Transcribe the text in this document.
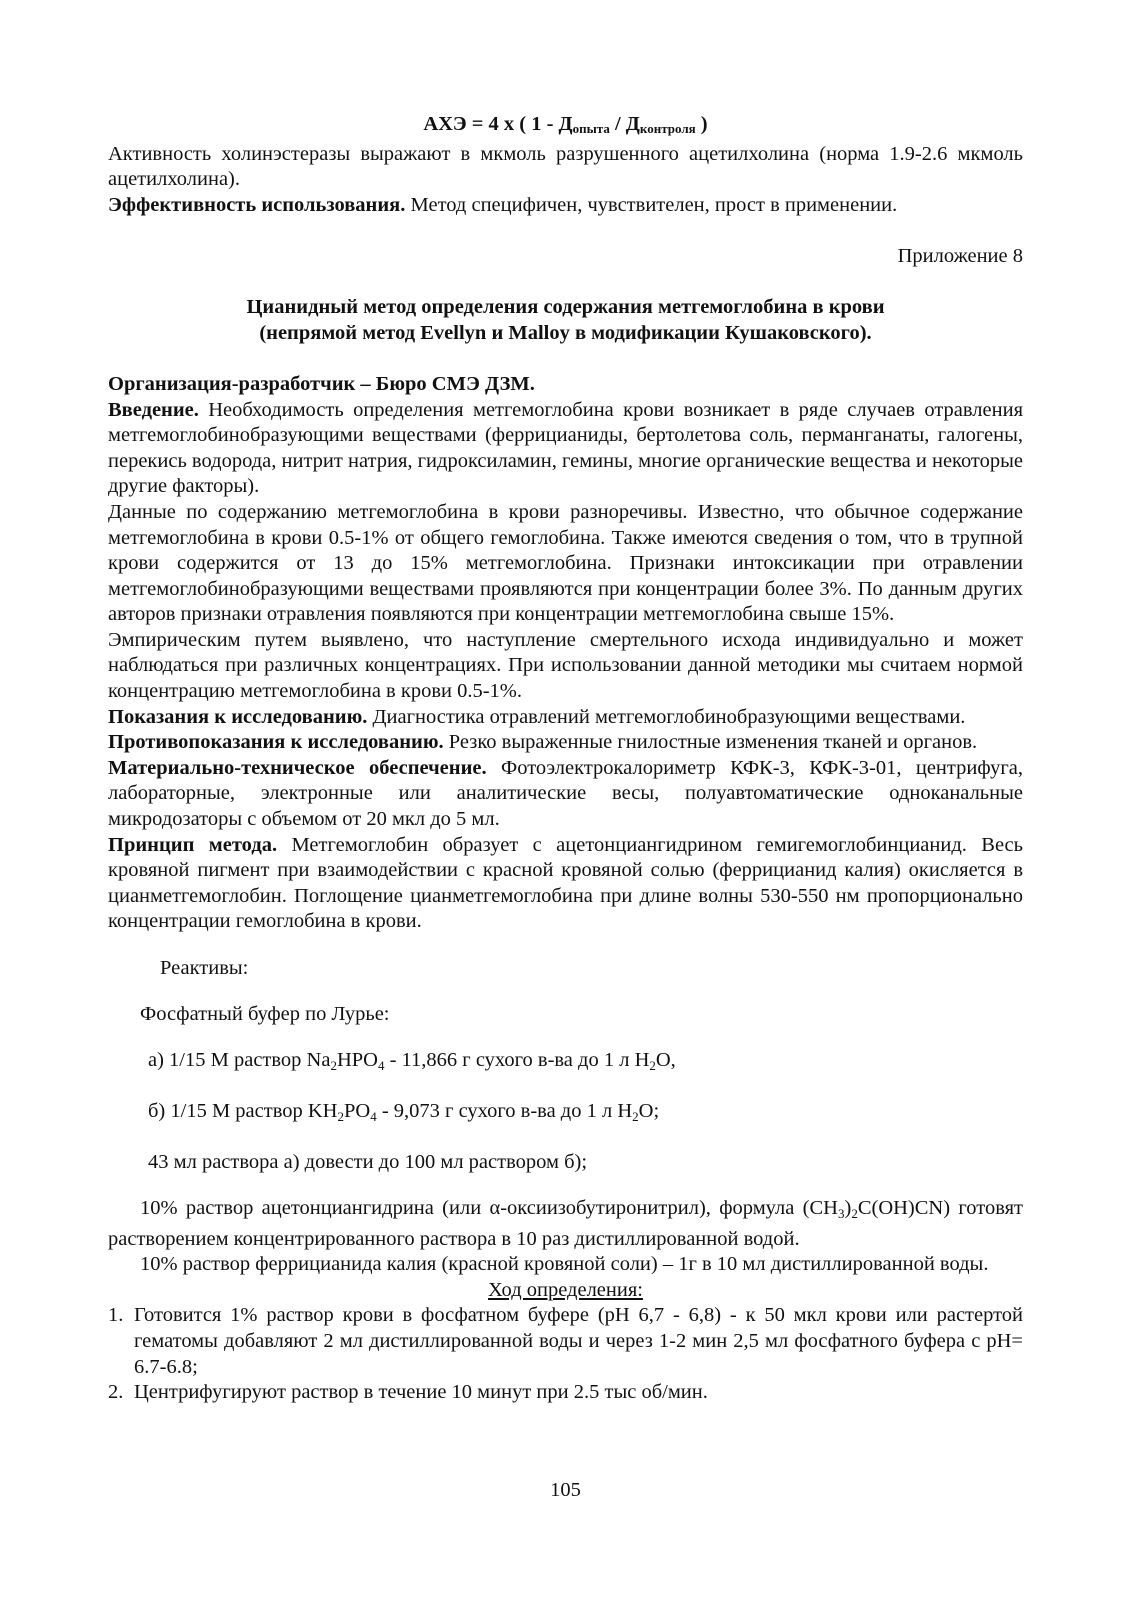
АХЭ = 4 х ( $1 - Д_{опыта} / Д_{контроля}$ )

Активность холинэстеразы выражают в мкмоль разрушенного ацетилхолина (норма 1.9-2.6 мкмоль ацетилхолина).

Эффективность использования. Метод специфичен, чувствителен, прост в применении.

Приложение 8

Цианидный метод определения содержания метгемоглобина в крови

(непрямой метод Evellyn и Malloy в модификации Кушаковского).

Организация-разработчик – Бюро СМЭ ДЗМ.

Введение. Необходимость определения метгемоглобина крови возникает в ряде случаев отравления метгемоглобинобразующими веществами (феррицианиды, бертолетова соль, перманганаты, галогены, перекись водорода, нитрит натрия, гидроксиламин, гемины, многие органические вещества и некоторые другие факторы).

Данные по содержанию метгемоглобина в крови разноречивы. Известно, что обычное содержание метгемоглобина в крови 0.5-1% от общего гемоглобина. Также имеются сведения о том, что в трупной крови содержится от 13 до 15% метгемоглобина. Признаки интоксикации при отравлении метгемоглобинобразующими веществами проявляются при концентрации более 3%. По данным других авторов признаки отравления появляются при концентрации метгемоглобина свыше 15%.

Эмпирическим путем выявлено, что наступление смертельного исхода индивидуально и может наблюдаться при различных концентрациях. При использовании данной методики мы считаем нормой концентрацию метгемоглобина в крови 0.5-1%.

Показания к исследованию. Диагностика отравлений метгемоглобинобразующими веществами.

Противопоказания к исследованию. Резко выраженные гнилостные изменения тканей и органов.

Материально-техническое обеспечение. Фотоэлектрокалориметр КФК-3, КФК-3-01, центрифуга, лабораторные, электронные или аналитические весы, полуавтоматические одноканальные микродозаторы с объемом от 20 мкл до 5 мл.

Принцип метода. Метгемоглобин образует с ацетонциангидрином гемигемоглобинцианид. Весь кровяной пигмент при взаимодействии с красной кровяной солью (феррицианид калия) окисляется в цианметгемоглобин. Поглощение цианметгемоглобина при длине волны 530-550 нм пропорционально концентрации гемоглобина в крови.

Реактивы:

Фосфатный буфер по Лурье:

а) 1/15 М раствор Na2HPO4 - 11,866 г сухого в-ва до 1 л H2O,

б) 1/15 М раствор KH2PO4 - 9,073 г сухого в-ва до 1 л H2O;

43 мл раствора а) довести до 100 мл раствором б);

10% раствор ацетонциангидрина (или α-оксиизобутиронитрил), формула (CH3)2C(OH)CN) готовят растворением концентрированного раствора в 10 раз дистиллированной водой.

10% раствор феррицианида калия (красной кровяной соли) – 1г в 10 мл дистиллированной воды.

Ход определения:

1. Готовится 1% раствор крови в фосфатном буфере (рН 6,7 - 6,8) - к 50 мкл крови или растертой гематомы добавляют 2 мл дистиллированной воды и через 1-2 мин 2,5 мл фосфатного буфера с рН= 6.7-6.8;
2. Центрифугируют раствор в течение 10 минут при 2.5 тыс об/мин.
105
